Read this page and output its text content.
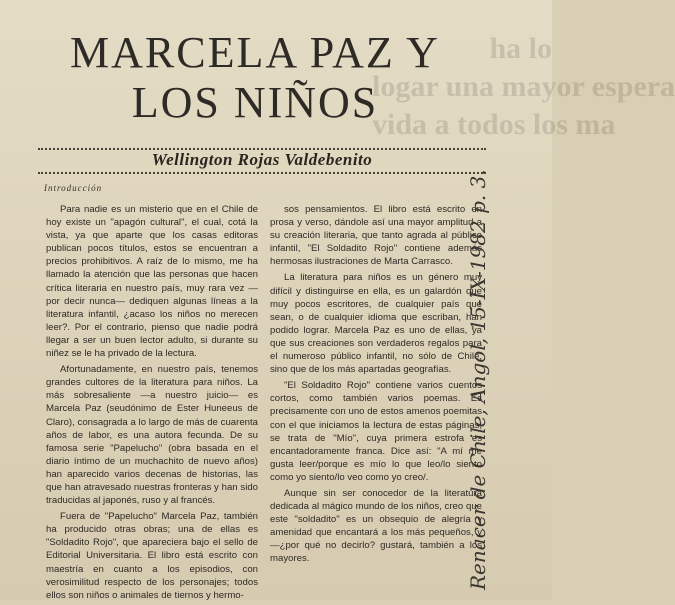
ha lo
logar una mayor espera
vida a todos los ma
MARCELA PAZ Y
LOS NIÑOS
Wellington Rojas Valdebenito
Introducción

Para nadie es un misterio que en el Chile de hoy existe un "apagón cultural", el cual, cotá la vista, ya que aparte que los casas editoras publican pocos títulos, estos se encuentran a precios prohibitivos. A raíz de lo mismo, me ha llamado la atención que las personas que hacen crítica literaria en nuestro país, muy rara vez —por decir nunca— dediquen algunas líneas a la literatura infantil, ¿acaso los niños no merecen leer?. Por el contrario, pienso que nadie podrá llegar a ser un buen lector adulto, si durante su niñez se le ha privado de la lectura.

Afortunadamente, en nuestro país, tenemos grandes cultores de la literatura para niños. La más sobresaliente —a nuestro juicio— es Marcela Paz (seudónimo de Ester Huneeus de Claro), consagrada a lo largo de más de cuarenta años de labor, es una autora fecunda. De su famosa serie "Papelucho" (obra basada en el diario íntimo de un muchachito de nuevo años) han aparecido varios decenas de historias, las que han atravesado nuestras fronteras y han sido traducidas al japonés, ruso y al francés.

Fuera de "Papelucho" Marcela Paz, también ha producido otras obras; una de ellas es "Soldadito Rojo", que apareciera bajo el sello de Editorial Universitaria. El libro está escrito con maestría en cuanto a los episodios, con verosimilitud respecto de los personajes; todos ellos son niños o animales de tiernos y hermo-

sos pensamientos. El libro está escrito en prosa y verso, dándole así una mayor amplitud a su creación literaria, que tanto agrada al público infantil, "El Soldadito Rojo" contiene además hermosas ilustraciones de Marta Carrasco.

La literatura para niños es un género muy difícil y distinguirse en ella, es un galardón que muy pocos escritores, de cualquier país que sean, o de cualquier idioma que escriban, han podido lograr. Marcela Paz es uno de ellas, ya que sus creaciones son verdaderos regalos para el numeroso público infantil, no sólo de Chile, sino que de los más apartadas geografías.

"El Soldadito Rojo" contiene varios cuentos cortos, como también varios poemas. Es precisamente con uno de estos amenos poemitas con el que iniciamos la lectura de estas páginas; se trata de "Mío", cuya primera estrofa es encantadoramente franca. Dice así: "A mí me gusta leer/porque es mío lo que leo/lo siento como yo siento/lo veo como yo creo/.

Aunque sin ser conocedor de la literatura dedicada al mágico mundo de los niños, creo que este "soldadito" es un obsequio de alegría y amenidad que encantará a los más pequeños, y —¿por qué no decirlo? gustará, también a los mayores.	Renacer de Chile, Angol, 15-IX-1982 p. 3.
